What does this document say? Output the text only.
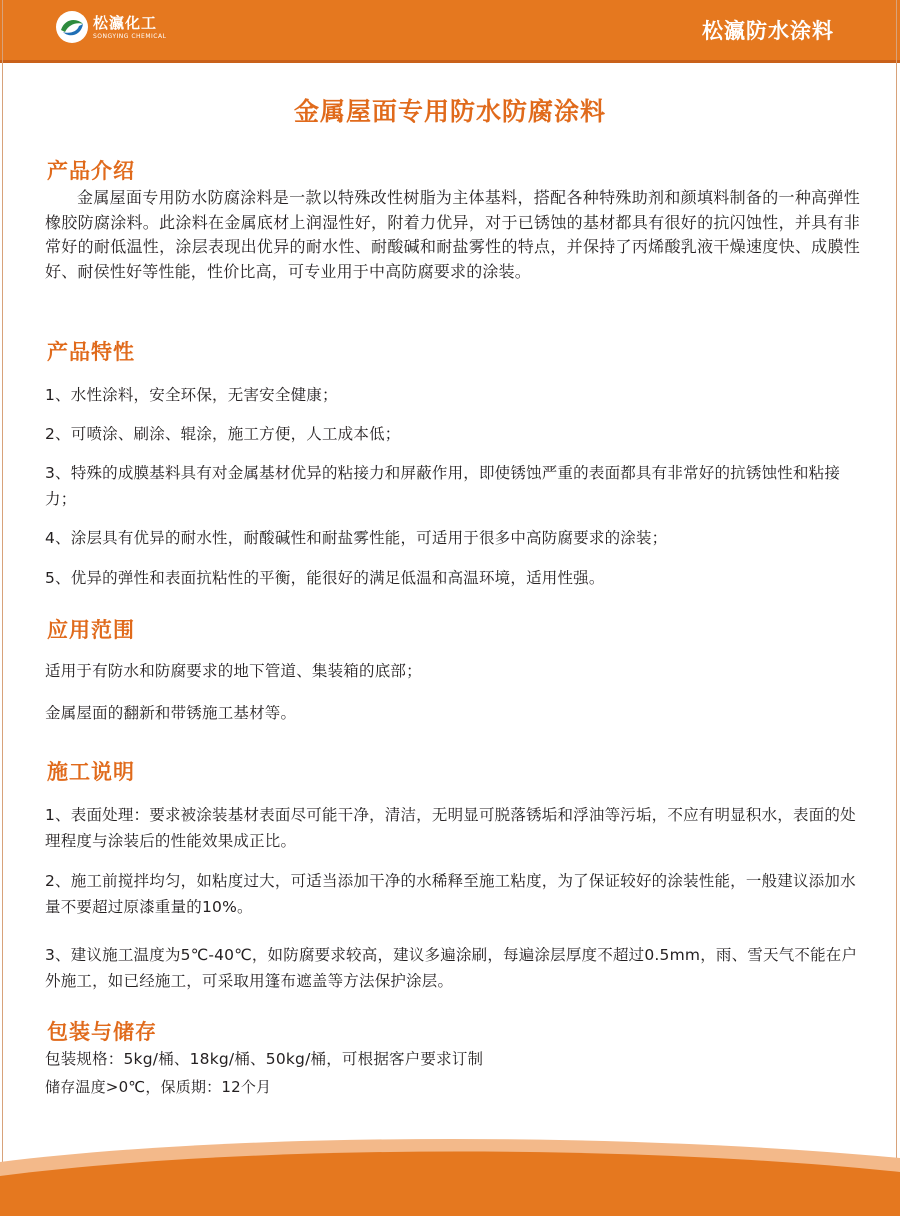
松瀛化工
SONGYING CHEMICAL	松瀛防水涂料
金属屋面专用防水防腐涂料
产品介绍
金属屋面专用防水防腐涂料是一款以特殊改性树脂为主体基料，搭配各种特殊助剂和颜填料制备的一种高弹性橡胶防腐涂料。此涂料在金属底材上润湿性好，附着力优异，对于已锈蚀的基材都具有很好的抗闪蚀性，并具有非常好的耐低温性，涂层表现出优异的耐水性、耐酸碱和耐盐雾性的特点，并保持了丙烯酸乳液干燥速度快、成膜性好、耐侯性好等性能，性价比高，可专业用于中高防腐要求的涂装。
产品特性
1、水性涂料，安全环保，无害安全健康；
2、可喷涂、刷涂、辊涂，施工方便，人工成本低；
3、特殊的成膜基料具有对金属基材优异的粘接力和屏蔽作用，即使锈蚀严重的表面都具有非常好的抗锈蚀性和粘接力；
4、涂层具有优异的耐水性，耐酸碱性和耐盐雾性能，可适用于很多中高防腐要求的涂装；
5、优异的弹性和表面抗粘性的平衡，能很好的满足低温和高温环境，适用性强。
应用范围
适用于有防水和防腐要求的地下管道、集装箱的底部；
金属屋面的翻新和带锈施工基材等。
施工说明
1、表面处理：要求被涂装基材表面尽可能干净，清洁，无明显可脱落锈垢和浮油等污垢，不应有明显积水，表面的处理程度与涂装后的性能效果成正比。
2、施工前搅拌均匀，如粘度过大，可适当添加干净的水稀释至施工粘度，为了保证较好的涂装性能，一般建议添加水量不要超过原漆重量的10%。
3、建议施工温度为5℃-40℃，如防腐要求较高，建议多遍涂刷，每遍涂层厚度不超过0.5mm，雨、雪天气不能在户外施工，如已经施工，可采取用篷布遮盖等方法保护涂层。
包装与储存
包装规格：5kg/桶、18kg/桶、50kg/桶，可根据客户要求订制
储存温度>0℃，保质期：12个月
